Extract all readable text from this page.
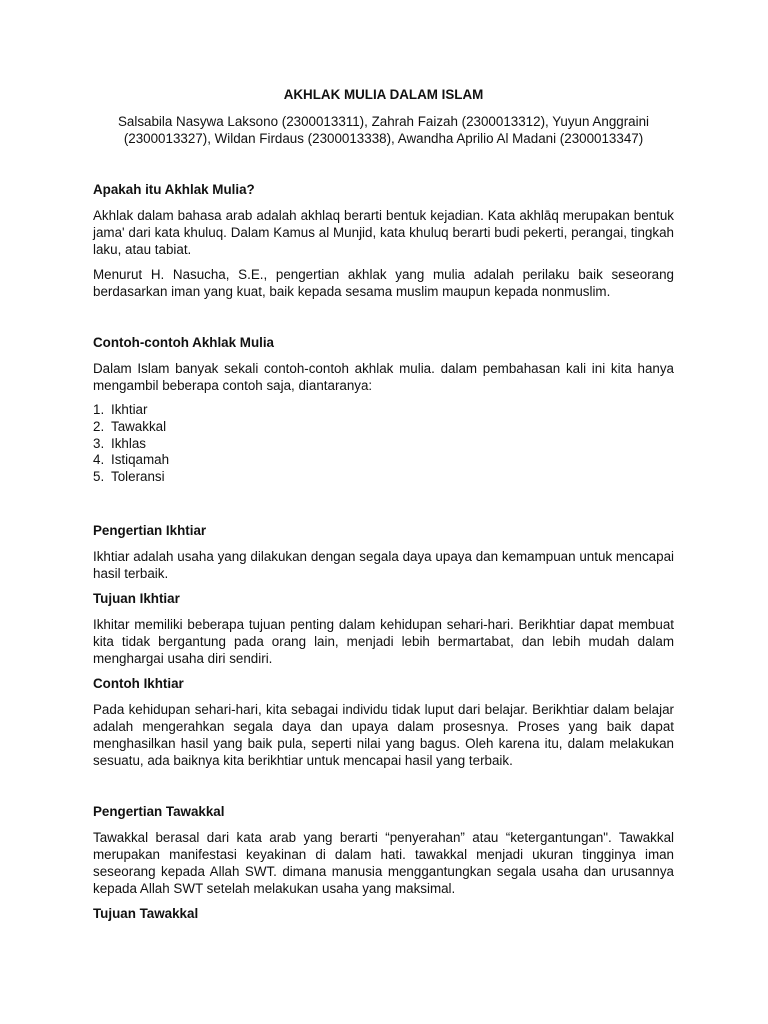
AKHLAK MULIA DALAM ISLAM
Salsabila Nasywa Laksono (2300013311), Zahrah Faizah (2300013312), Yuyun Anggraini (2300013327), Wildan Firdaus (2300013338), Awandha Aprilio Al Madani (2300013347)
Apakah itu Akhlak Mulia?

Akhlak dalam bahasa arab adalah akhlaq berarti bentuk kejadian. Kata akhlāq merupakan bentuk jama' dari kata khuluq. Dalam Kamus al Munjid, kata khuluq berarti budi pekerti, perangai, tingkah laku, atau tabiat.

Menurut H. Nasucha, S.E., pengertian akhlak yang mulia adalah perilaku baik seseorang berdasarkan iman yang kuat, baik kepada sesama muslim maupun kepada nonmuslim.

Contoh-contoh Akhlak Mulia

Dalam Islam banyak sekali contoh-contoh akhlak mulia. dalam pembahasan kali ini kita hanya mengambil beberapa contoh saja, diantaranya:

1. Ikhtiar
2. Tawakkal
3. Ikhlas
4. Istiqamah
5. Toleransi
Pengertian Ikhtiar

Ikhtiar adalah usaha yang dilakukan dengan segala daya upaya dan kemampuan untuk mencapai hasil terbaik.

Tujuan Ikhtiar

Ikhitar memiliki beberapa tujuan penting dalam kehidupan sehari-hari. Berikhtiar dapat membuat kita tidak bergantung pada orang lain, menjadi lebih bermartabat, dan lebih mudah dalam menghargai usaha diri sendiri.

Contoh Ikhtiar

Pada kehidupan sehari-hari, kita sebagai individu tidak luput dari belajar. Berikhtiar dalam belajar adalah mengerahkan segala daya dan upaya dalam prosesnya. Proses yang baik dapat menghasilkan hasil yang baik pula, seperti nilai yang bagus. Oleh karena itu, dalam melakukan sesuatu, ada baiknya kita berikhtiar untuk mencapai hasil yang terbaik.

Pengertian Tawakkal

Tawakkal berasal dari kata arab yang berarti “penyerahan” atau “ketergantungan". Tawakkal merupakan manifestasi keyakinan di dalam hati. tawakkal menjadi ukuran tingginya iman seseorang kepada Allah SWT. dimana manusia menggantungkan segala usaha dan urusannya kepada Allah SWT setelah melakukan usaha yang maksimal.

Tujuan Tawakkal
